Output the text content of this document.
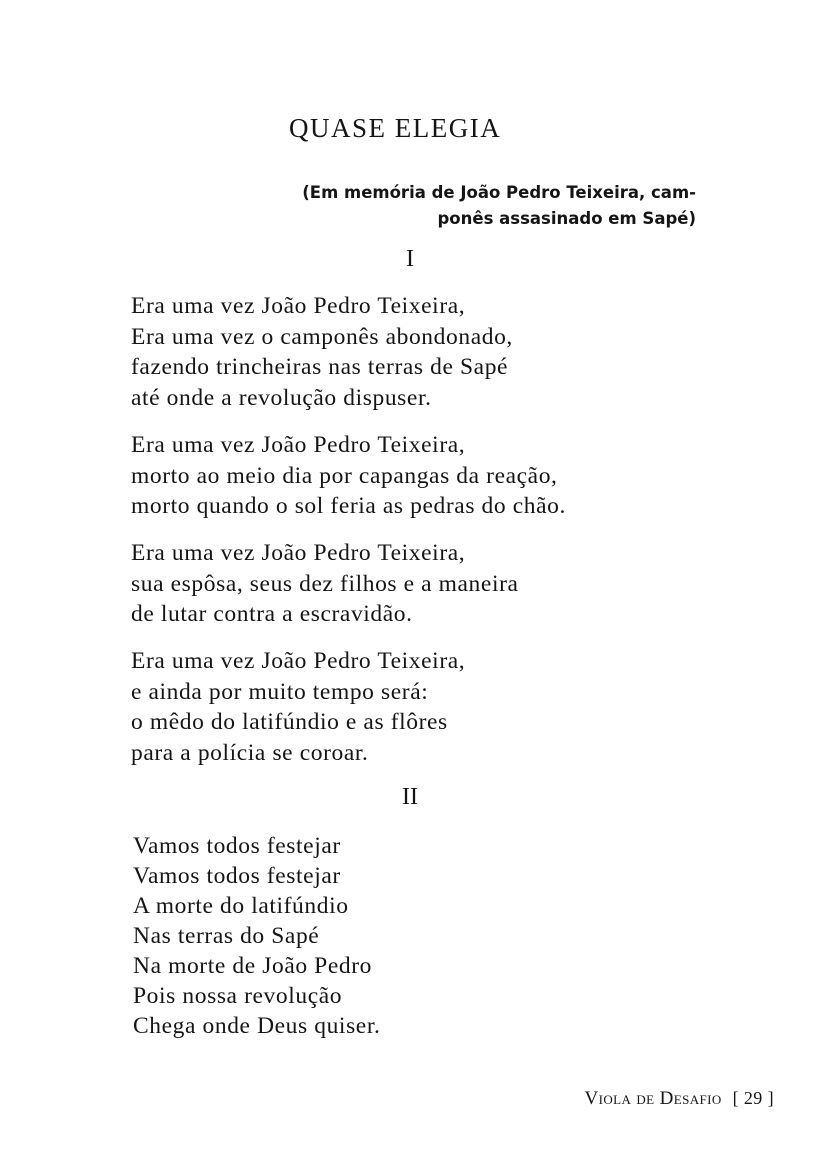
QUASE ELEGIA

(Em memória de João Pedro Teixeira, cam-
ponês assasinado em Sapé)

I

Era uma vez João Pedro Teixeira,
Era uma vez o camponês abondonado,
fazendo trincheiras nas terras de Sapé
até onde a revolução dispuser.

Era uma vez João Pedro Teixeira,
morto ao meio dia por capangas da reação,
morto quando o sol feria as pedras do chão.

Era uma vez João Pedro Teixeira,
sua espôsa, seus dez filhos e a maneira
de lutar contra a escravidão.

Era uma vez João Pedro Teixeira,
e ainda por muito tempo será:
o mêdo do latifúndio e as flôres
para a polícia se coroar.

II

Vamos todos festejar
Vamos todos festejar
A morte do latifúndio
Nas terras do Sapé
Na morte de João Pedro
Pois nossa revolução
Chega onde Deus quiser.

Viola de Desafio [ 29 ]
